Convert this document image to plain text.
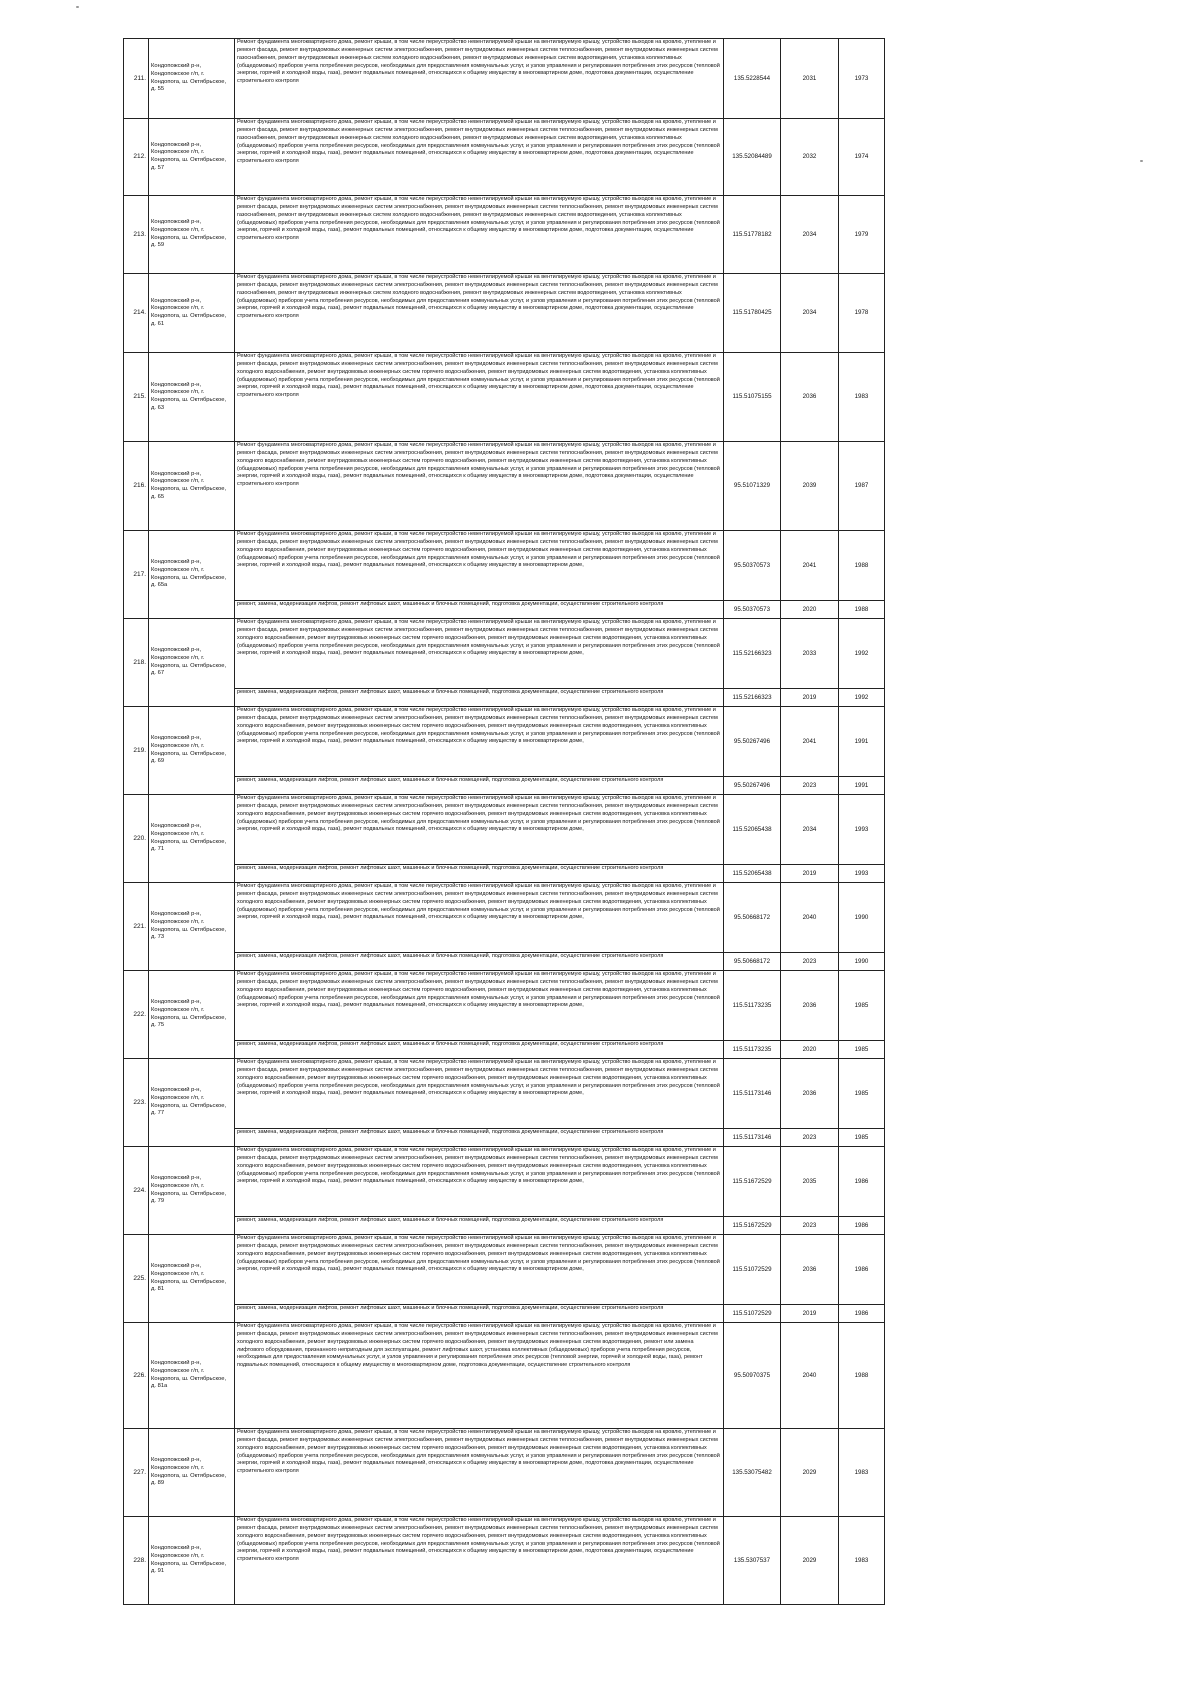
211.	Кондопожский р-н, Кондопожское г/п, г. Кондопога, ш. Октябрьское, д. 55	Ремонт фундамента многоквартирного дома, ремонт крыши, в том числе переустройство невентилируемой крыши на вентилируемую крышу, устройство выходов на кровлю, утепление и ремонт фасада, ремонт внутридомовых инженерных систем электроснабжения, ремонт внутридомовых инженерных систем теплоснабжения, ремонт внутридомовых инженерных систем газоснабжения, ремонт внутридомовых инженерных систем холодного водоснабжения, ремонт внутридомовых инженерных систем водоотведения, установка коллективных (общедомовых) приборов учета потребления ресурсов, необходимых для предоставления коммунальных услуг, и узлов управления и регулирования потребления этих ресурсов (тепловой энергии, горячей и холодной воды, газа), ремонт подвальных помещений, относящихся к общему имуществу в многоквартирном доме, подготовка документации, осуществление строительного контроля	135.5228544	2031	1973
212.	Кондопожский р-н, Кондопожское г/п, г. Кондопога, ш. Октябрьское, д. 57	Ремонт фундамента многоквартирного дома, ремонт крыши, в том числе переустройство невентилируемой крыши на вентилируемую крышу, устройство выходов на кровлю, утепление и ремонт фасада, ремонт внутридомовых инженерных систем электроснабжения, ремонт внутридомовых инженерных систем теплоснабжения, ремонт внутридомовых инженерных систем газоснабжения, ремонт внутридомовых инженерных систем холодного водоснабжения, ремонт внутридомовых инженерных систем водоотведения, установка коллективных (общедомовых) приборов учета потребления ресурсов, необходимых для предоставления коммунальных услуг, и узлов управления и регулирования потребления этих ресурсов (тепловой энергии, горячей и холодной воды, газа), ремонт подвальных помещений, относящихся к общему имуществу в многоквартирном доме, подготовка документации, осуществление строительного контроля	135.52084489	2032	1974
213.	Кондопожский р-н, Кондопожское г/п, г. Кондопога, ш. Октябрьское, д. 59	Ремонт фундамента многоквартирного дома, ремонт крыши, в том числе переустройство невентилируемой крыши на вентилируемую крышу, устройство выходов на кровлю, утепление и ремонт фасада, ремонт внутридомовых инженерных систем электроснабжения, ремонт внутридомовых инженерных систем теплоснабжения, ремонт внутридомовых инженерных систем газоснабжения, ремонт внутридомовых инженерных систем холодного водоснабжения, ремонт внутридомовых инженерных систем водоотведения, установка коллективных (общедомовых) приборов учета потребления ресурсов, необходимых для предоставления коммунальных услуг, и узлов управления и регулирования потребления этих ресурсов (тепловой энергии, горячей и холодной воды, газа), ремонт подвальных помещений, относящихся к общему имуществу в многоквартирном доме, подготовка документации, осуществление строительного контроля	115.51778182	2034	1979
214.	Кондопожский р-н, Кондопожское г/п, г. Кондопога, ш. Октябрьское, д. 61	Ремонт фундамента многоквартирного дома, ремонт крыши, в том числе переустройство невентилируемой крыши на вентилируемую крышу, устройство выходов на кровлю, утепление и ремонт фасада, ремонт внутридомовых инженерных систем электроснабжения, ремонт внутридомовых инженерных систем теплоснабжения, ремонт внутридомовых инженерных систем газоснабжения, ремонт внутридомовых инженерных систем холодного водоснабжения, ремонт внутридомовых инженерных систем водоотведения, установка коллективных (общедомовых) приборов учета потребления ресурсов, необходимых для предоставления коммунальных услуг, и узлов управления и регулирования потребления этих ресурсов (тепловой энергии, горячей и холодной воды, газа), ремонт подвальных помещений, относящихся к общему имуществу в многоквартирном доме, подготовка документации, осуществление строительного контроля	115.51780425	2034	1978
215.	Кондопожский р-н, Кондопожское г/п, г. Кондопога, ш. Октябрьское, д. 63	Ремонт фундамента многоквартирного дома, ремонт крыши, в том числе переустройство невентилируемой крыши на вентилируемую крышу, устройство выходов на кровлю, утепление и ремонт фасада, ремонт внутридомовых инженерных систем электроснабжения, ремонт внутридомовых инженерных систем теплоснабжения, ремонт внутридомовых инженерных систем холодного водоснабжения, ремонт внутридомовых инженерных систем горячего водоснабжения, ремонт внутридомовых инженерных систем водоотведения, установка коллективных (общедомовых) приборов учета потребления ресурсов, необходимых для предоставления коммунальных услуг, и узлов управления и регулирования потребления этих ресурсов (тепловой энергии, горячей и холодной воды, газа), ремонт подвальных помещений, относящихся к общему имуществу в многоквартирном доме, подготовка документации, осуществление строительного контроля	115.51075155	2036	1983
216.	Кондопожский р-н, Кондопожское г/п, г. Кондопога, ш. Октябрьское, д. 65	Ремонт фундамента многоквартирного дома, ремонт крыши, в том числе переустройство невентилируемой крыши на вентилируемую крышу, устройство выходов на кровлю, утепление и ремонт фасада, ремонт внутридомовых инженерных систем электроснабжения, ремонт внутридомовых инженерных систем теплоснабжения, ремонт внутридомовых инженерных систем холодного водоснабжения, ремонт внутридомовых инженерных систем горячего водоснабжения, ремонт внутридомовых инженерных систем водоотведения, установка коллективных (общедомовых) приборов учета потребления ресурсов, необходимых для предоставления коммунальных услуг, и узлов управления и регулирования потребления этих ресурсов (тепловой энергии, горячей и холодной воды, газа), ремонт подвальных помещений, относящихся к общему имуществу в многоквартирном доме, подготовка документации, осуществление строительного контроля	95.51071329	2039	1987
217.	Кондопожский р-н, Кондопожское г/п, г. Кондопога, ш. Октябрьское, д. 65а	Ремонт фундамента многоквартирного дома, ремонт крыши, в том числе переустройство невентилируемой крыши на вентилируемую крышу, устройство выходов на кровлю, утепление и ремонт фасада, ремонт внутридомовых инженерных систем электроснабжения, ремонт внутридомовых инженерных систем теплоснабжения, ремонт внутридомовых инженерных систем холодного водоснабжения, ремонт внутридомовых инженерных систем горячего водоснабжения, ремонт внутридомовых инженерных систем водоотведения, установка коллективных (общедомовых) приборов учета потребления ресурсов, необходимых для предоставления коммунальных услуг, и узлов управления и регулирования потребления этих ресурсов (тепловой энергии, горячей и холодной воды, газа), ремонт подвальных помещений, относящихся к общему имуществу в многоквартирном доме,	95.50370573	2041	1988
		ремонт, замена, модернизация лифтов, ремонт лифтовых шахт, машинных и блочных помещений, подготовка документации, осуществление строительного контроля	95.50370573	2020	1988
218.	Кондопожский р-н, Кондопожское г/п, г. Кондопога, ш. Октябрьское, д. 67	Ремонт фундамента многоквартирного дома, ремонт крыши, в том числе переустройство невентилируемой крыши на вентилируемую крышу, устройство выходов на кровлю, утепление и ремонт фасада, ремонт внутридомовых инженерных систем электроснабжения, ремонт внутридомовых инженерных систем теплоснабжения, ремонт внутридомовых инженерных систем холодного водоснабжения, ремонт внутридомовых инженерных систем горячего водоснабжения, ремонт внутридомовых инженерных систем водоотведения, установка коллективных (общедомовых) приборов учета потребления ресурсов, необходимых для предоставления коммунальных услуг, и узлов управления и регулирования потребления этих ресурсов (тепловой энергии, горячей и холодной воды, газа), ремонт подвальных помещений, относящихся к общему имуществу в многоквартирном доме,	115.52166323	2033	1992
		ремонт, замена, модернизация лифтов, ремонт лифтовых шахт, машинных и блочных помещений, подготовка документации, осуществление строительного контроля	115.52166323	2019	1992
219.	Кондопожский р-н, Кондопожское г/п, г. Кондопога, ш. Октябрьское, д. 69	Ремонт фундамента многоквартирного дома, ремонт крыши, в том числе переустройство невентилируемой крыши на вентилируемую крышу, устройство выходов на кровлю, утепление и ремонт фасада, ремонт внутридомовых инженерных систем электроснабжения, ремонт внутридомовых инженерных систем теплоснабжения, ремонт внутридомовых инженерных систем холодного водоснабжения, ремонт внутридомовых инженерных систем горячего водоснабжения, ремонт внутридомовых инженерных систем водоотведения, установка коллективных (общедомовых) приборов учета потребления ресурсов, необходимых для предоставления коммунальных услуг, и узлов управления и регулирования потребления этих ресурсов (тепловой энергии, горячей и холодной воды, газа), ремонт подвальных помещений, относящихся к общему имуществу в многоквартирном доме,	95.50267496	2041	1991
		ремонт, замена, модернизация лифтов, ремонт лифтовых шахт, машинных и блочных помещений, подготовка документации, осуществление строительного контроля	95.50267496	2023	1991
220.	Кондопожский р-н, Кондопожское г/п, г. Кондопога, ш. Октябрьское, д. 71	Ремонт фундамента многоквартирного дома, ремонт крыши, в том числе переустройство невентилируемой крыши на вентилируемую крышу, устройство выходов на кровлю, утепление и ремонт фасада, ремонт внутридомовых инженерных систем электроснабжения, ремонт внутридомовых инженерных систем теплоснабжения, ремонт внутридомовых инженерных систем холодного водоснабжения, ремонт внутридомовых инженерных систем горячего водоснабжения, ремонт внутридомовых инженерных систем водоотведения, установка коллективных (общедомовых) приборов учета потребления ресурсов, необходимых для предоставления коммунальных услуг, и узлов управления и регулирования потребления этих ресурсов (тепловой энергии, горячей и холодной воды, газа), ремонт подвальных помещений, относящихся к общему имуществу в многоквартирном доме,	115.52065438	2034	1993
		ремонт, замена, модернизация лифтов, ремонт лифтовых шахт, машинных и блочных помещений, подготовка документации, осуществление строительного контроля	115.52065438	2019	1993
221.	Кондопожский р-н, Кондопожское г/п, г. Кондопога, ш. Октябрьское, д. 73	Ремонт фундамента многоквартирного дома, ремонт крыши, в том числе переустройство невентилируемой крыши на вентилируемую крышу, устройство выходов на кровлю, утепление и ремонт фасада, ремонт внутридомовых инженерных систем электроснабжения, ремонт внутридомовых инженерных систем теплоснабжения, ремонт внутридомовых инженерных систем холодного водоснабжения, ремонт внутридомовых инженерных систем горячего водоснабжения, ремонт внутридомовых инженерных систем водоотведения, установка коллективных (общедомовых) приборов учета потребления ресурсов, необходимых для предоставления коммунальных услуг, и узлов управления и регулирования потребления этих ресурсов (тепловой энергии, горячей и холодной воды, газа), ремонт подвальных помещений, относящихся к общему имуществу в многоквартирном доме,	95.50668172	2040	1990
		ремонт, замена, модернизация лифтов, ремонт лифтовых шахт, машинных и блочных помещений, подготовка документации, осуществление строительного контроля	95.50668172	2023	1990
222.	Кондопожский р-н, Кондопожское г/п, г. Кондопога, ш. Октябрьское, д. 75	Ремонт фундамента многоквартирного дома, ремонт крыши, в том числе переустройство невентилируемой крыши на вентилируемую крышу, устройство выходов на кровлю, утепление и ремонт фасада, ремонт внутридомовых инженерных систем электроснабжения, ремонт внутридомовых инженерных систем теплоснабжения, ремонт внутридомовых инженерных систем холодного водоснабжения, ремонт внутридомовых инженерных систем горячего водоснабжения, ремонт внутридомовых инженерных систем водоотведения, установка коллективных (общедомовых) приборов учета потребления ресурсов, необходимых для предоставления коммунальных услуг, и узлов управления и регулирования потребления этих ресурсов (тепловой энергии, горячей и холодной воды, газа), ремонт подвальных помещений, относящихся к общему имуществу в многоквартирном доме,	115.51173235	2036	1985
		ремонт, замена, модернизация лифтов, ремонт лифтовых шахт, машинных и блочных помещений, подготовка документации, осуществление строительного контроля	115.51173235	2020	1985
223.	Кондопожский р-н, Кондопожское г/п, г. Кондопога, ш. Октябрьское, д. 77	Ремонт фундамента многоквартирного дома, ремонт крыши, в том числе переустройство невентилируемой крыши на вентилируемую крышу, устройство выходов на кровлю, утепление и ремонт фасада, ремонт внутридомовых инженерных систем электроснабжения, ремонт внутридомовых инженерных систем теплоснабжения, ремонт внутридомовых инженерных систем холодного водоснабжения, ремонт внутридомовых инженерных систем горячего водоснабжения, ремонт внутридомовых инженерных систем водоотведения, установка коллективных (общедомовых) приборов учета потребления ресурсов, необходимых для предоставления коммунальных услуг, и узлов управления и регулирования потребления этих ресурсов (тепловой энергии, горячей и холодной воды, газа), ремонт подвальных помещений, относящихся к общему имуществу в многоквартирном доме,	115.51173146	2036	1985
		ремонт, замена, модернизация лифтов, ремонт лифтовых шахт, машинных и блочных помещений, подготовка документации, осуществление строительного контроля	115.51173146	2023	1985
224.	Кондопожский р-н, Кондопожское г/п, г. Кондопога, ш. Октябрьское, д. 79	Ремонт фундамента многоквартирного дома, ремонт крыши, в том числе переустройство невентилируемой крыши на вентилируемую крышу, устройство выходов на кровлю, утепление и ремонт фасада, ремонт внутридомовых инженерных систем электроснабжения, ремонт внутридомовых инженерных систем теплоснабжения, ремонт внутридомовых инженерных систем холодного водоснабжения, ремонт внутридомовых инженерных систем горячего водоснабжения, ремонт внутридомовых инженерных систем водоотведения, установка коллективных (общедомовых) приборов учета потребления ресурсов, необходимых для предоставления коммунальных услуг, и узлов управления и регулирования потребления этих ресурсов (тепловой энергии, горячей и холодной воды, газа), ремонт подвальных помещений, относящихся к общему имуществу в многоквартирном доме,	115.51672529	2035	1986
		ремонт, замена, модернизация лифтов, ремонт лифтовых шахт, машинных и блочных помещений, подготовка документации, осуществление строительного контроля	115.51672529	2023	1986
225.	Кондопожский р-н, Кондопожское г/п, г. Кондопога, ш. Октябрьское, д. 81	Ремонт фундамента многоквартирного дома, ремонт крыши, в том числе переустройство невентилируемой крыши на вентилируемую крышу, устройство выходов на кровлю, утепление и ремонт фасада, ремонт внутридомовых инженерных систем электроснабжения, ремонт внутридомовых инженерных систем теплоснабжения, ремонт внутридомовых инженерных систем холодного водоснабжения, ремонт внутридомовых инженерных систем горячего водоснабжения, ремонт внутридомовых инженерных систем водоотведения, установка коллективных (общедомовых) приборов учета потребления ресурсов, необходимых для предоставления коммунальных услуг, и узлов управления и регулирования потребления этих ресурсов (тепловой энергии, горячей и холодной воды, газа), ремонт подвальных помещений, относящихся к общему имуществу в многоквартирном доме,	115.51072529	2036	1986
		ремонт, замена, модернизация лифтов, ремонт лифтовых шахт, машинных и блочных помещений, подготовка документации, осуществление строительного контроля	115.51072529	2019	1986
226.	Кондопожский р-н, Кондопожское г/п, г. Кондопога, ш. Октябрьское, д. 81а	Ремонт фундамента многоквартирного дома, ремонт крыши, в том числе переустройство невентилируемой крыши на вентилируемую крышу, устройство выходов на кровлю, утепление и ремонт фасада, ремонт внутридомовых инженерных систем электроснабжения, ремонт внутридомовых инженерных систем теплоснабжения, ремонт внутридомовых инженерных систем холодного водоснабжения, ремонт внутридомовых инженерных систем горячего водоснабжения, ремонт внутридомовых инженерных систем водоотведения, ремонт или замена лифтового оборудования, признанного непригодным для эксплуатации, ремонт лифтовых шахт, установка коллективных (общедомовых) приборов учета потребления ресурсов, необходимых для предоставления коммунальных услуг, и узлов управления и регулирования потребления этих ресурсов (тепловой энергии, горячей и холодной воды, газа), ремонт подвальных помещений, относящихся к общему имуществу в многоквартирном доме, подготовка документации, осуществление строительного контроля	95.50970375	2040	1988
227.	Кондопожский р-н, Кондопожское г/п, г. Кондопога, ш. Октябрьское, д. 89	Ремонт фундамента многоквартирного дома, ремонт крыши, в том числе переустройство невентилируемой крыши на вентилируемую крышу, устройство выходов на кровлю, утепление и ремонт фасада, ремонт внутридомовых инженерных систем электроснабжения, ремонт внутридомовых инженерных систем теплоснабжения, ремонт внутридомовых инженерных систем холодного водоснабжения, ремонт внутридомовых инженерных систем горячего водоснабжения, ремонт внутридомовых инженерных систем водоотведения, установка коллективных (общедомовых) приборов учета потребления ресурсов, необходимых для предоставления коммунальных услуг, и узлов управления и регулирования потребления этих ресурсов (тепловой энергии, горячей и холодной воды, газа), ремонт подвальных помещений, относящихся к общему имуществу в многоквартирном доме, подготовка документации, осуществление строительного контроля	135.53075482	2029	1983
228.	Кондопожский р-н, Кондопожское г/п, г. Кондопога, ш. Октябрьское, д. 91	Ремонт фундамента многоквартирного дома, ремонт крыши, в том числе переустройство невентилируемой крыши на вентилируемую крышу, устройство выходов на кровлю, утепление и ремонт фасада, ремонт внутридомовых инженерных систем электроснабжения, ремонт внутридомовых инженерных систем теплоснабжения, ремонт внутридомовых инженерных систем холодного водоснабжения, ремонт внутридомовых инженерных систем горячего водоснабжения, ремонт внутридомовых инженерных систем водоотведения, установка коллективных (общедомовых) приборов учета потребления ресурсов, необходимых для предоставления коммунальных услуг, и узлов управления и регулирования потребления этих ресурсов (тепловой энергии, горячей и холодной воды, газа), ремонт подвальных помещений, относящихся к общему имуществу в многоквартирном доме, подготовка документации, осуществление строительного контроля	135.5307537	2029	1983
